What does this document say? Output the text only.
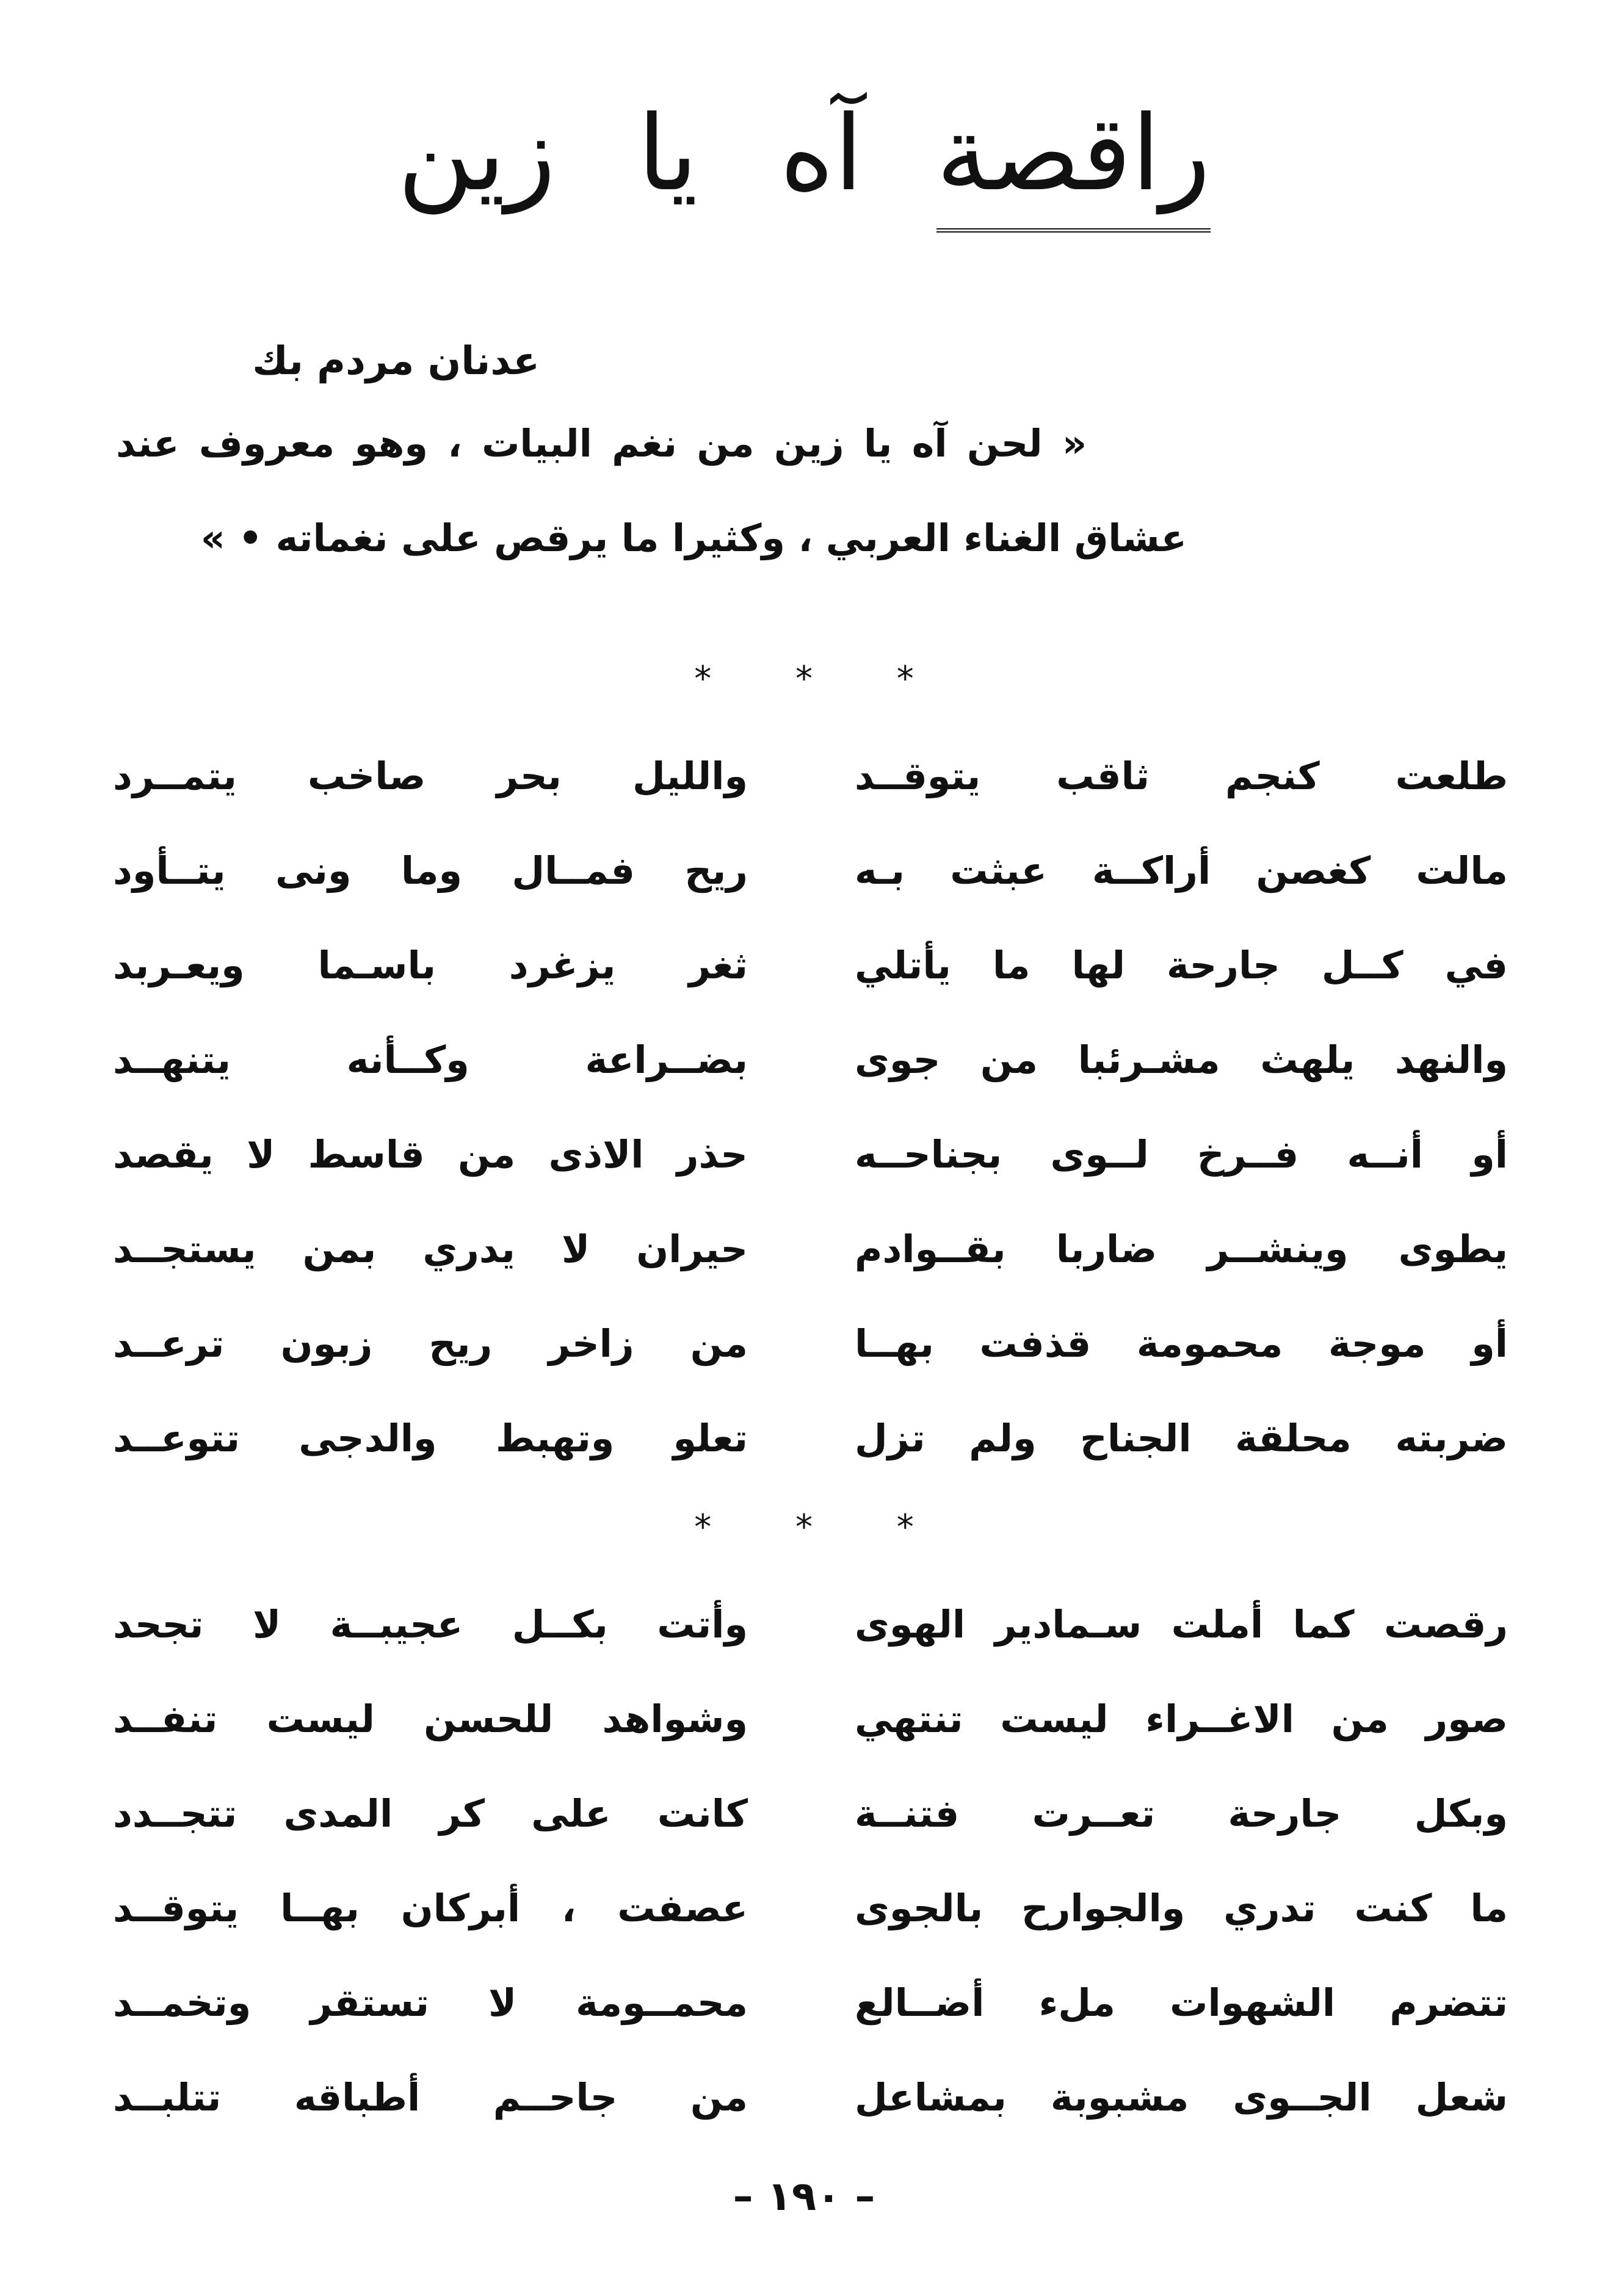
راقصةآه يا زين
عدنان مردم بك
« لحن آه يا زين من نغم البيات ، وهو معروف عند
عشاق الغناء العربي ، وكثيرا ما يرقص على نغماته • »
* * *
طلعت كنجم ثاقب يتوقــد
والليل بحر صاخب يتمــرد
مالت كغصن أراكــة عبثت بـه
ريح فمــال وما ونى يتــأود
في كــل جارحة لها ما يأتلي
ثغر يزغرد باسـما ويعـربد
والنهد يلهث مشـرئبا من جوى
بضــراعة وكــأنه يتنهــد
أو أنــه فــرخ لــوى بجناحــه
حذر الاذى من قاسط لا يقصد
يطوى وينشــر ضاربا بقــوادم
حيران لا يدري بمن يستجــد
أو موجة محمومة قذفت بهــا
من زاخر ريح زبون ترعــد
ضربته محلقة الجناح ولم تزل
تعلو وتهبط والدجى تتوعــد
* * *
رقصت كما أملت سـمادير الهوى
وأتت بكــل عجيبــة لا تجحد
صور من الاغــراء ليست تنتهي
وشواهد للحسن ليست تنفــد
وبكل جارحة تعــرت فتنــة
كانت على كر المدى تتجــدد
ما كنت تدري والجوارح بالجوى
عصفت ، أبركان بهــا يتوقــد
تتضرم الشهوات ملء أضــالع
محمــومة لا تستقر وتخمــد
شعل الجــوى مشبوبة بمشاعل
من جاحــم أطباقه تتلبــد
– ١٩٠ –
